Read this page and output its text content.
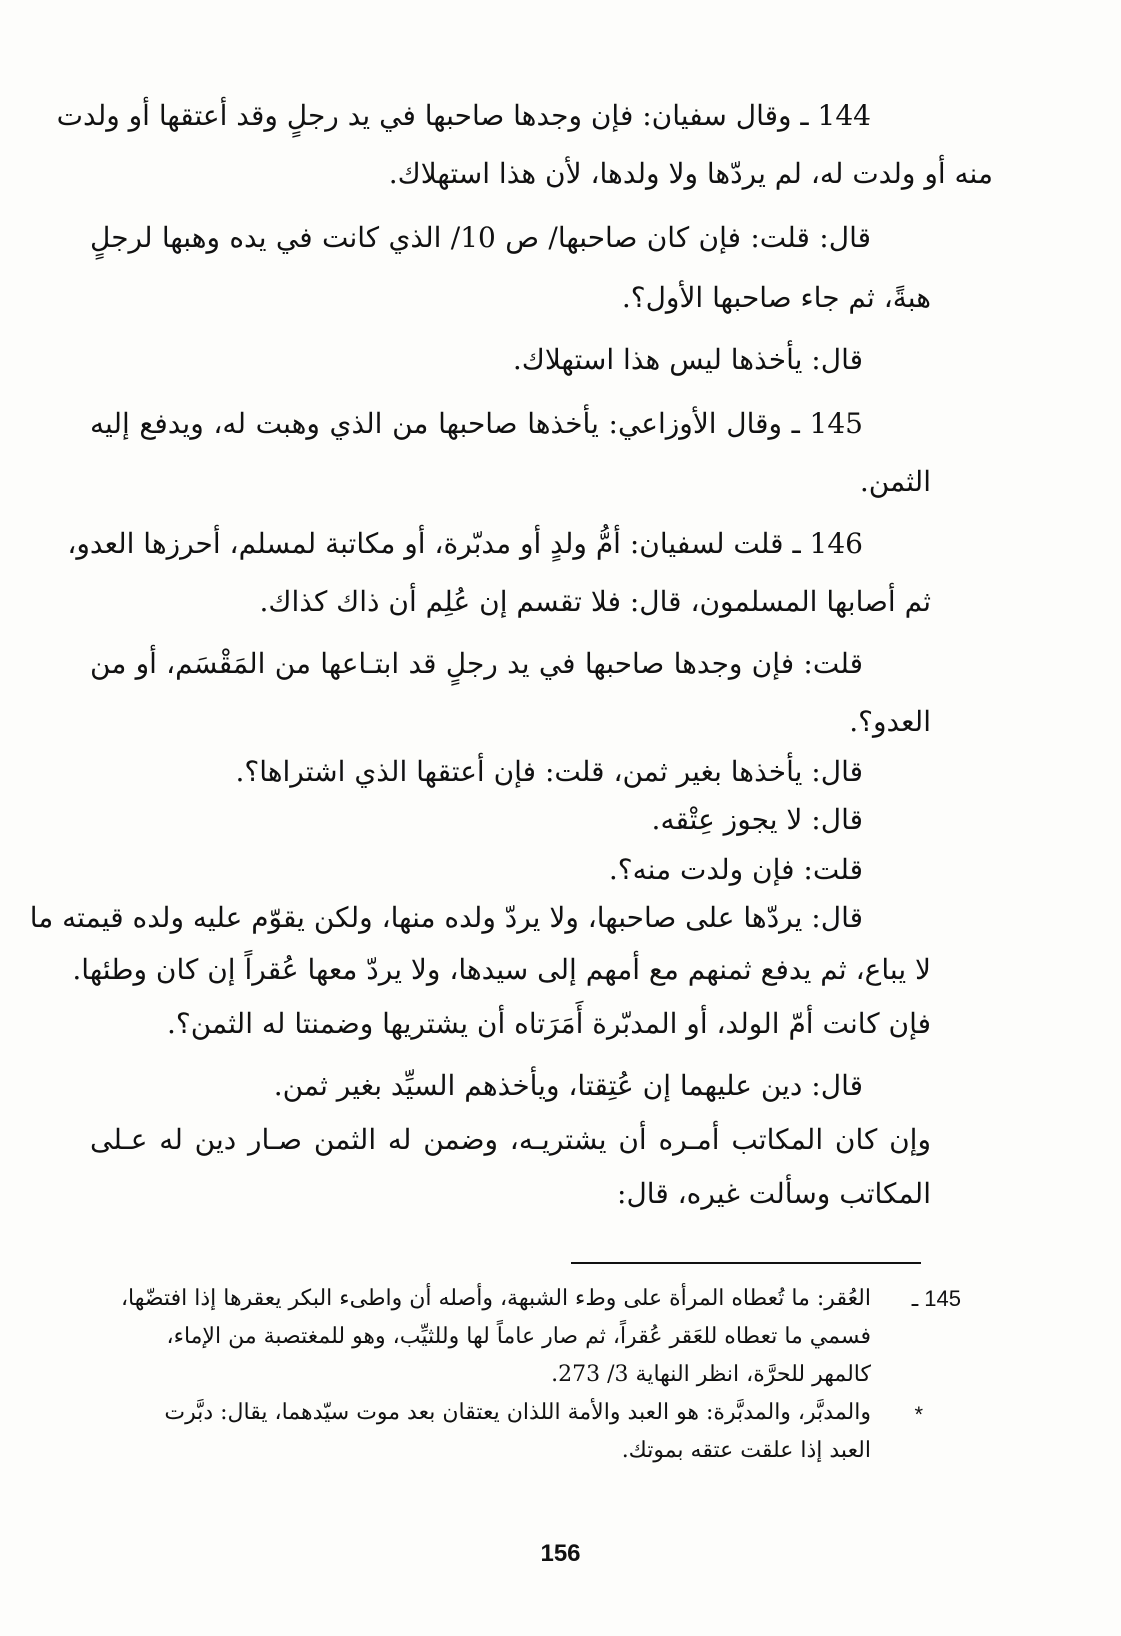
144 ـ وقال سفيان: فإن وجدها صاحبها في يد رجلٍ وقد أعتقها أو ولدت
منه أو ولدت له، لم يردّها ولا ولدها، لأن هذا استهلاك.
قال: قلت: فإن كان صاحبها/ ص 10/ الذي كانت في يده وهبها لرجلٍ
هبةً، ثم جاء صاحبها الأول؟.
قال: يأخذها ليس هذا استهلاك.
145 ـ وقال الأوزاعي: يأخذها صاحبها من الذي وهبت له، ويدفع إليه
الثمن.
146 ـ قلت لسفيان: أمُّ ولدٍ أو مدبّرة، أو مكاتبة لمسلم، أحرزها العدو،
ثم أصابها المسلمون، قال: فلا تقسم إن عُلِم أن ذاك كذاك.
قلت: فإن وجدها صاحبها في يد رجلٍ قد ابتـاعها من المَقْسَم، أو من
العدو؟.
قال: يأخذها بغير ثمن، قلت: فإن أعتقها الذي اشتراها؟.
قال: لا يجوز عِتْقه.
قلت: فإن ولدت منه؟.
قال: يردّها على صاحبها، ولا يردّ ولده منها، ولكن يقوّم عليه ولده قيمته ما
لا يباع، ثم يدفع ثمنهم مع أمهم إلى سيدها، ولا يردّ معها عُقراً إن كان وطئها.
فإن كانت أمّ الولد، أو المدبّرة أَمَرَتاه أن يشتريها وضمنتا له الثمن؟.
قال: دين عليهما إن عُتِقتا، ويأخذهم السيِّد بغير ثمن.
وإن كان المكاتب أمـره أن يشتريـه، وضمن له الثمن صـار دين له عـلى
المكاتب وسألت غيره، قال:
145 ـ
العُقر: ما تُعطاه المرأة على وطء الشبهة، وأصله أن واطىء البكر يعقرها إذا افتضّها،
فسمي ما تعطاه للعَقر عُقراً، ثم صار عاماً لها وللثيِّب، وهو للمغتصبة من الإماء،
كالمهر للحرَّة، انظر النهاية 3/ 273.
*
والمدبَّر، والمدبَّرة: هو العبد والأمة اللذان يعتقان بعد موت سيّدهما، يقال: دبَّرت
العبد إذا علقت عتقه بموتك.
156
